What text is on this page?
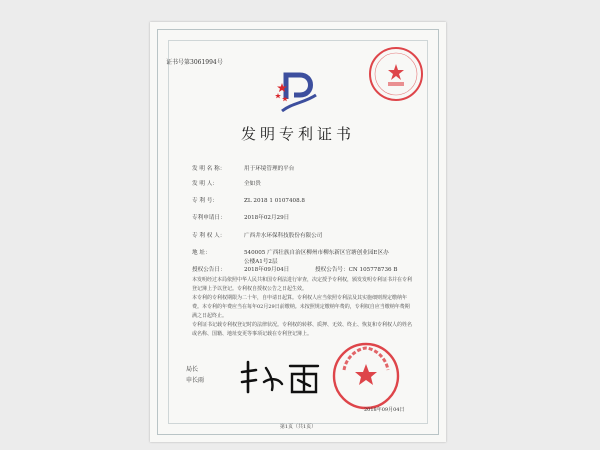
证书号第3061994号
发明专利证书
发 明 名 称：	用于环境管理的平台
发 明 人：	全如贵
专 利 号：	ZL 2018 1 0107408.8
专利申请日：	2018年02月29日
专 利 权 人：	广西井水环保科技股份有限公司
地 址：	540005 广西壮族自治区柳州市柳东新区官塘创业园E区办
公楼A1号2层
授权公告日：	2018年09月04日	授权公告号：CN 105778736 B
本发明经过本局依照中华人民共和国专利法进行审查，决定授予专利权，颁发发明专利证书并在专利登记簿上予以登记。专利权自授权公告之日起生效。
本专利的专利权期限为二十年，自申请日起算。专利权人应当依照专利法及其实施细则规定缴纳年费。本专利的年费应当在每年02月29日前缴纳。未按照规定缴纳年费的，专利权自应当缴纳年费期满之日起终止。
专利证书记载专利权登记时的法律状况。专利权的转移、质押、无效、终止、恢复和专利权人的姓名或名称、国籍、地址变更等事项记载在专利登记簿上。
局长
申长雨
2018年09月04日
第1页（共1页）
